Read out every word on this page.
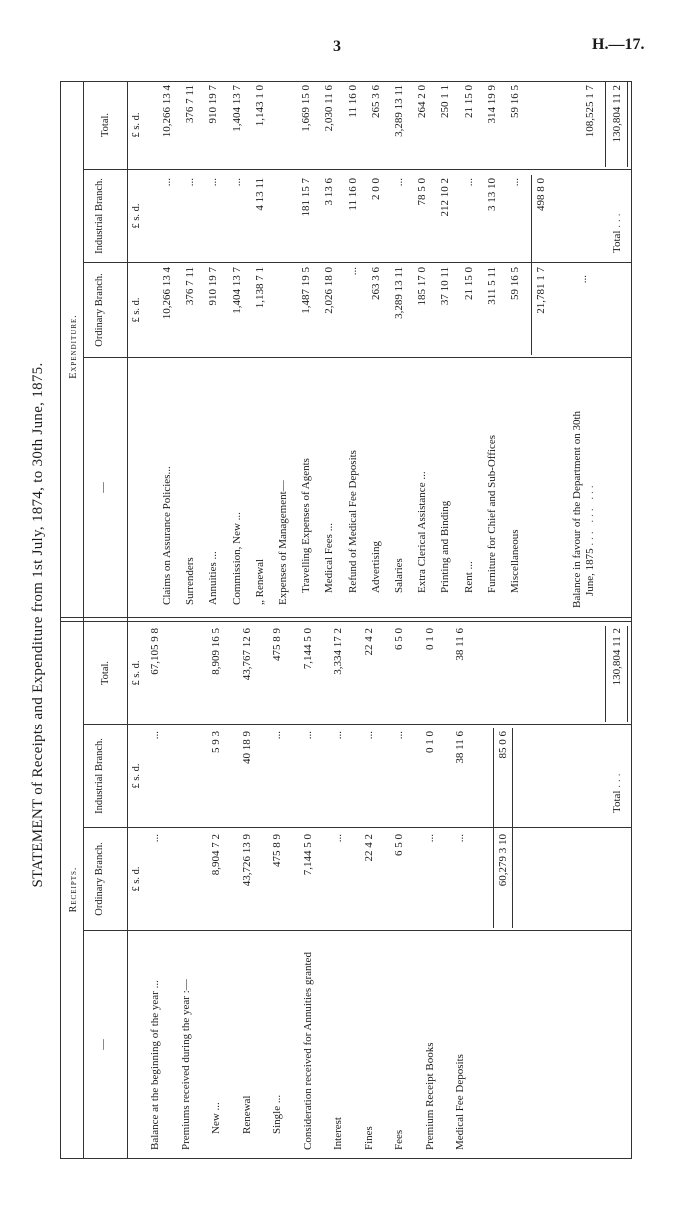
3	H.—17.
STATEMENT of Receipts and Expenditure from 1st July, 1874, to 30th June, 1875.
Receipts.
Expenditure.
—
Ordinary Branch.
Industrial Branch.
Total.
£ s. d.
£ s. d.
£ s. d.
—
Ordinary Branch.
Industrial Branch.
Total.
£ s. d.
£ s. d.
£ s. d.
Balance at the beginning of the year ...
...
...
67,105 9 8
Premiums received during the year :— New ...
8,904 7 2
5 9 3
8,909 16 5
Renewal
43,726 13 9
40 18 9
43,767 12 6
Single ...
475 8 9
...
475 8 9
Consideration received for Annuities granted
7,144 5 0
...
7,144 5 0
Interest
...
...
3,334 17 2
Fines
22 4 2
...
22 4 2
Fees
6 5 0
...
6 5 0
Premium Receipt Books
...
0 1 0
0 1 0
Medical Fee Deposits
...
38 11 6
38 11 6
Claims on Assurance Policies...
10,266 13 4
...
10,266 13 4
Surrenders
376 7 11
...
376 7 11
Annuities ...
910 19 7
...
910 19 7
Commission, New ...
1,404 13 7
...
1,404 13 7
„ Renewal
1,138 7 1
4 13 11
1,143 1 0
Expenses of Management— Travelling Expenses of Agents
1,487 19 5
181 15 7
1,669 15 0
Medical Fees ...
2,026 18 0
3 13 6
2,030 11 6
Refund of Medical Fee Deposits
...
11 16 0
11 16 0
Advertising
263 3 6
2 0 0
265 3 6
Salaries
3,289 13 11
...
3,289 13 11
Extra Clerical Assistance ...
185 17 0
78 5 0
264 2 0
Printing and Binding
37 10 11
212 10 2
250 1 1
Rent ...
21 15 0
...
21 15 0
Furniture for Chief and Sub-Offices
311 5 11
3 13 10
314 19 9
Miscellaneous
59 16 5
...
59 16 5
60,279 3 10
85 0 6
Total ...
130,804 11 2
21,781 1 7
498 8 0
Balance in favour of the Department on 30th June, 1875 ... ... ...
...
108,525 1 7
Total ...
130,804 11 2
